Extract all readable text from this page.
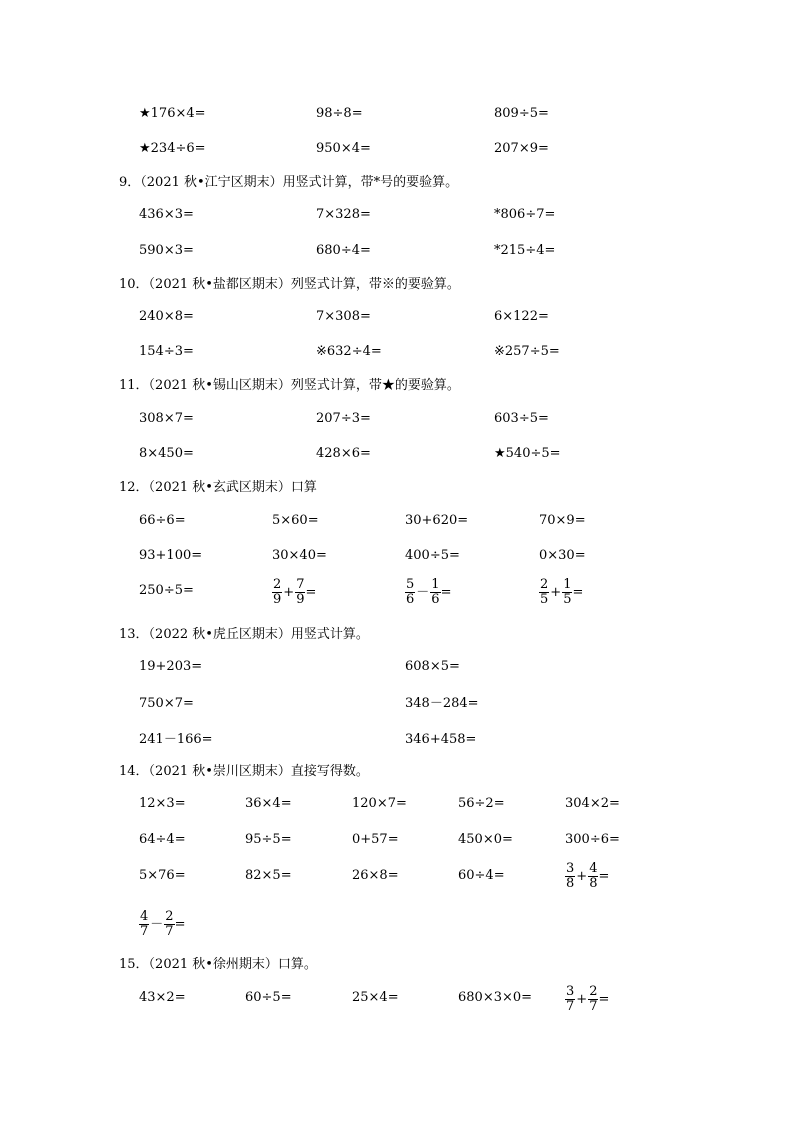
★176×4=	98÷8=	809÷5=
★234÷6=	950×4=	207×9=
9．（2021 秋•江宁区期末）用竖式计算，带*号的要验算。
436×3=	7×328=	*806÷7=
590×3=	680÷4=	*215÷4=
10．（2021 秋•盐都区期末）列竖式计算，带※的要验算。
240×8=	7×308=	6×122=
154÷3=	※632÷4=	※257÷5=
11．（2021 秋•锡山区期末）列竖式计算，带★的要验算。
308×7=	207÷3=	603÷5=
8×450=	428×6=	★540÷5=
12．（2021 秋•玄武区期末）口算
66÷6=	5×60=	30+620=	70×9=
93+100=	30×40=	400÷5=	0×30=
250÷5=	$\frac{2}{9} + \frac{7}{9}$ =	$\frac{5}{6} - \frac{1}{6}$ =	$\frac{2}{5} + \frac{1}{5}$ =
13．（2022 秋•虎丘区期末）用竖式计算。
19+203=	608×5=
750×7=	348－284=
241－166=	346+458=
14．（2021 秋•崇川区期末）直接写得数。
12×3=	36×4=	120×7=	56÷2=	304×2=
64÷4=	95÷5=	0+57=	450×0=	300÷6=
5×76=	82×5=	26×8=	60÷4=	$\frac{3}{8} + \frac{4}{8}$ =
$\frac{4}{7} - \frac{2}{7}$ =
15．（2021 秋•徐州期末）口算。
43×2=	60÷5=	25×4=	680×3×0=	$\frac{3}{7} + \frac{2}{7}$ =
